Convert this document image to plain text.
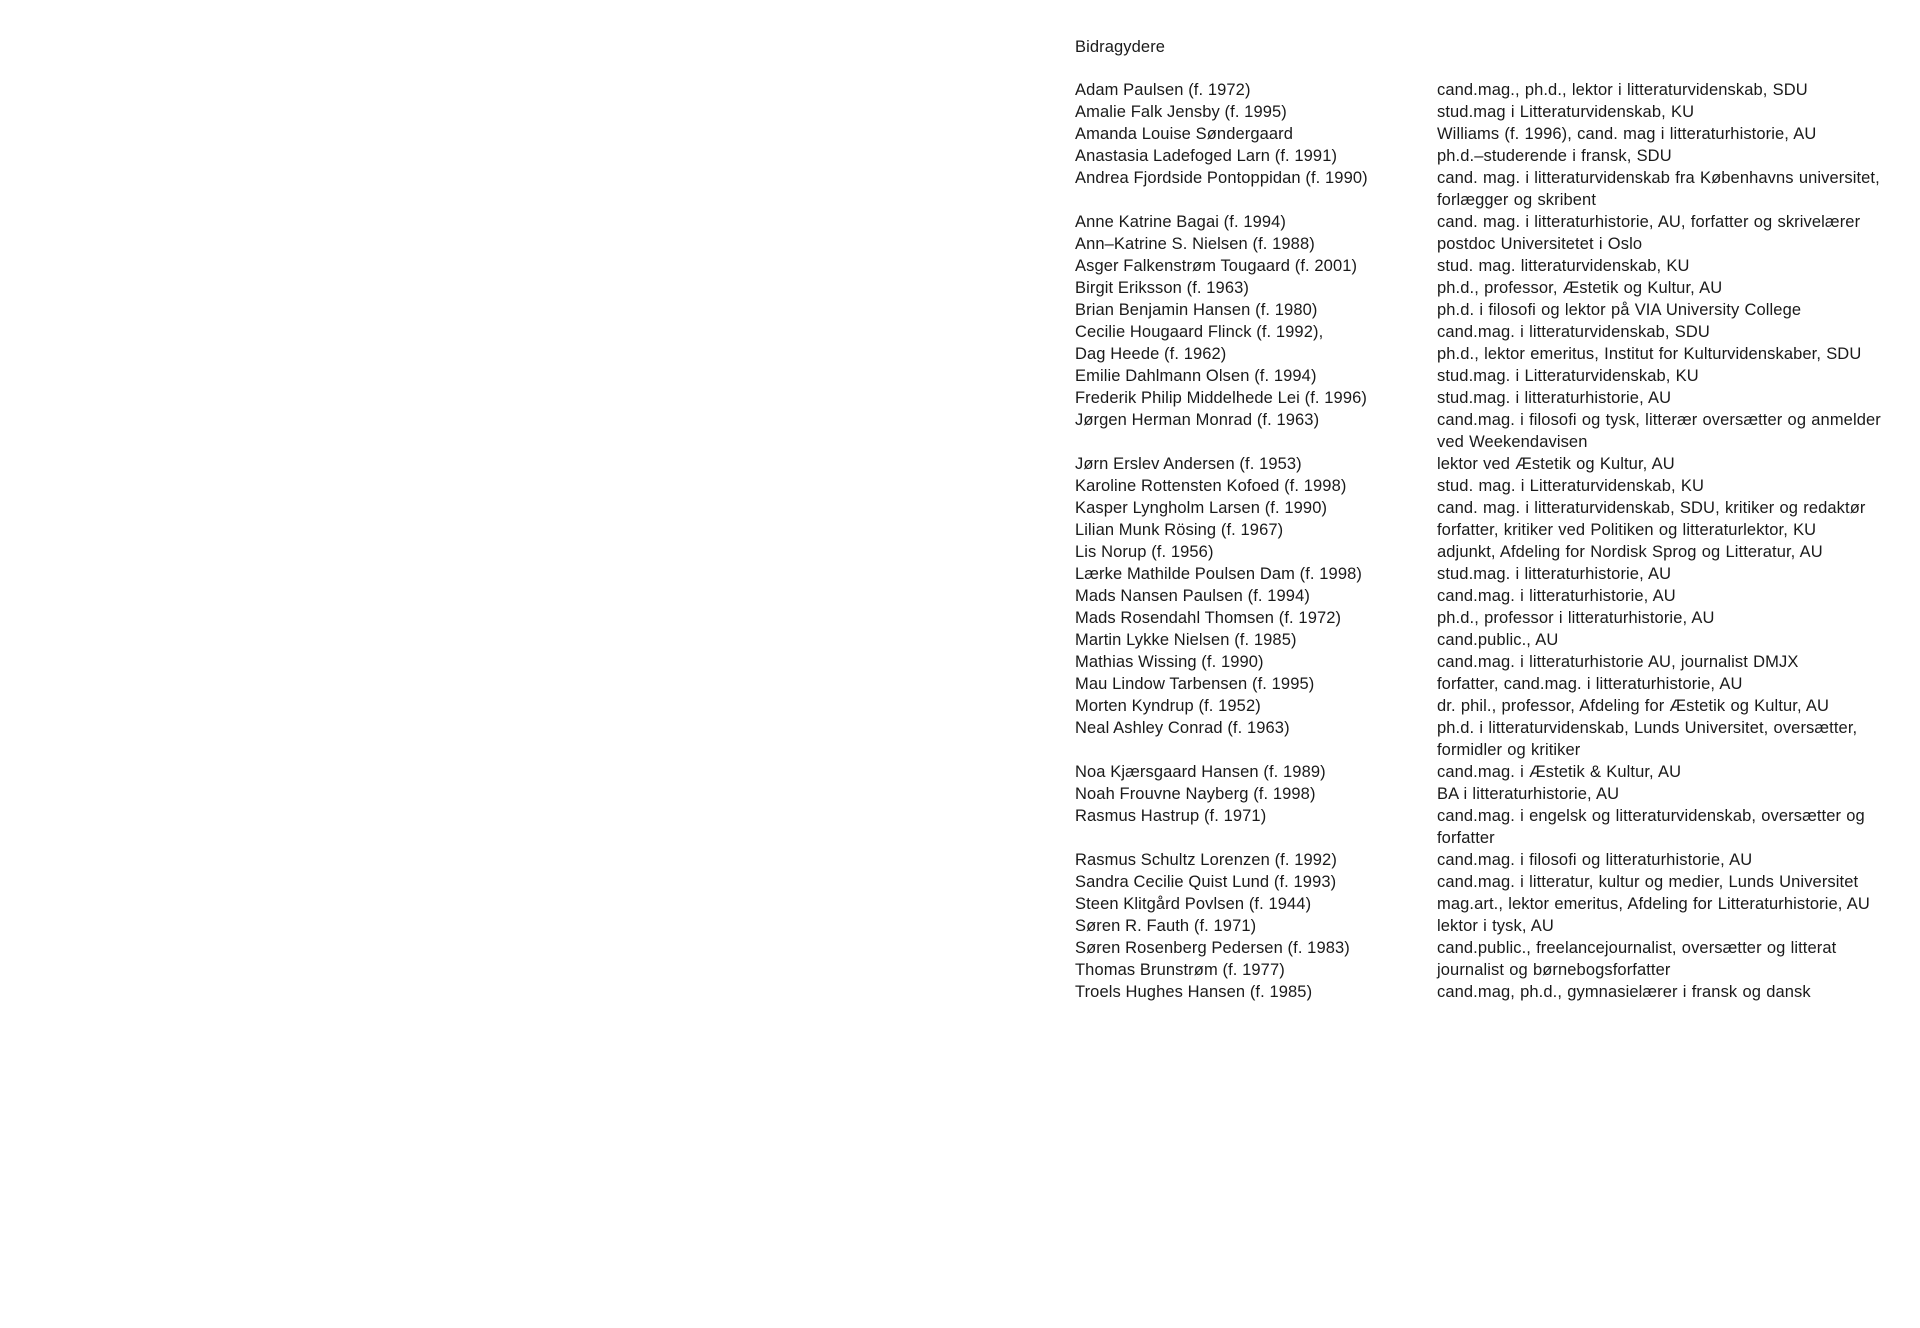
Bidragydere
Adam Paulsen (f. 1972)	cand.mag., ph.d., lektor i litteraturvidenskab, SDU
Amalie Falk Jensby (f. 1995)	stud.mag i Litteraturvidenskab, KU
Amanda Louise Søndergaard	Williams (f. 1996), cand. mag i litteraturhistorie, AU
Anastasia Ladefoged Larn (f. 1991)	ph.d.–studerende i fransk, SDU
Andrea Fjordside Pontoppidan (f. 1990)	cand. mag. i litteraturvidenskab fra Københavns universitet, forlægger og skribent
Anne Katrine Bagai (f. 1994)	cand. mag. i litteraturhistorie, AU, forfatter og skrivelærer
Ann–Katrine S. Nielsen (f. 1988)	postdoc Universitetet i Oslo
Asger Falkenstrøm Tougaard (f. 2001)	stud. mag. litteraturvidenskab, KU
Birgit Eriksson (f. 1963)	ph.d., professor, Æstetik og Kultur, AU
Brian Benjamin Hansen (f. 1980)	ph.d. i filosofi og lektor på VIA University College
Cecilie Hougaard Flinck (f. 1992),	cand.mag. i litteraturvidenskab, SDU
Dag Heede (f. 1962)	ph.d., lektor emeritus, Institut for Kulturvidenskaber, SDU
Emilie Dahlmann Olsen (f. 1994)	stud.mag. i Litteraturvidenskab, KU
Frederik Philip Middelhede Lei (f. 1996)	stud.mag. i litteraturhistorie, AU
Jørgen Herman Monrad (f. 1963)	cand.mag. i filosofi og tysk, litterær oversætter og anmelder ved Weekendavisen
Jørn Erslev Andersen (f. 1953)	lektor ved Æstetik og Kultur, AU
Karoline Rottensten Kofoed (f. 1998)	stud. mag. i Litteraturvidenskab, KU
Kasper Lyngholm Larsen (f. 1990)	cand. mag. i litteraturvidenskab, SDU, kritiker og redaktør
Lilian Munk Rösing (f. 1967)	forfatter, kritiker ved Politiken og litteraturlektor, KU
Lis Norup (f. 1956)	adjunkt, Afdeling for Nordisk Sprog og Litteratur, AU
Lærke Mathilde Poulsen Dam (f. 1998)	stud.mag. i litteraturhistorie, AU
Mads Nansen Paulsen (f. 1994)	cand.mag. i litteraturhistorie, AU
Mads Rosendahl Thomsen (f. 1972)	ph.d., professor i litteraturhistorie, AU
Martin Lykke Nielsen (f. 1985)	cand.public., AU
Mathias Wissing (f. 1990)	cand.mag. i litteraturhistorie AU, journalist DMJX
Mau Lindow Tarbensen (f. 1995)	forfatter, cand.mag. i litteraturhistorie, AU
Morten Kyndrup (f. 1952)	dr. phil., professor, Afdeling for Æstetik og Kultur, AU
Neal Ashley Conrad (f. 1963)	ph.d. i litteraturvidenskab, Lunds Universitet, oversætter, formidler og kritiker
Noa Kjærsgaard Hansen (f. 1989)	cand.mag. i Æstetik & Kultur, AU
Noah Frouvne Nayberg (f. 1998)	BA i litteraturhistorie, AU
Rasmus Hastrup (f. 1971)	cand.mag. i engelsk og litteraturvidenskab, oversætter og forfatter
Rasmus Schultz Lorenzen (f. 1992)	cand.mag. i filosofi og litteraturhistorie, AU
Sandra Cecilie Quist Lund (f. 1993)	cand.mag. i litteratur, kultur og medier, Lunds Universitet
Steen Klitgård Povlsen (f. 1944)	mag.art., lektor emeritus, Afdeling for Litteraturhistorie, AU
Søren R. Fauth (f. 1971)	lektor i tysk, AU
Søren Rosenberg Pedersen (f. 1983)	cand.public., freelancejournalist, oversætter og litterat
Thomas Brunstrøm (f. 1977)	journalist og børnebogsforfatter
Troels Hughes Hansen (f. 1985)	cand.mag, ph.d., gymnasielærer i fransk og dansk
